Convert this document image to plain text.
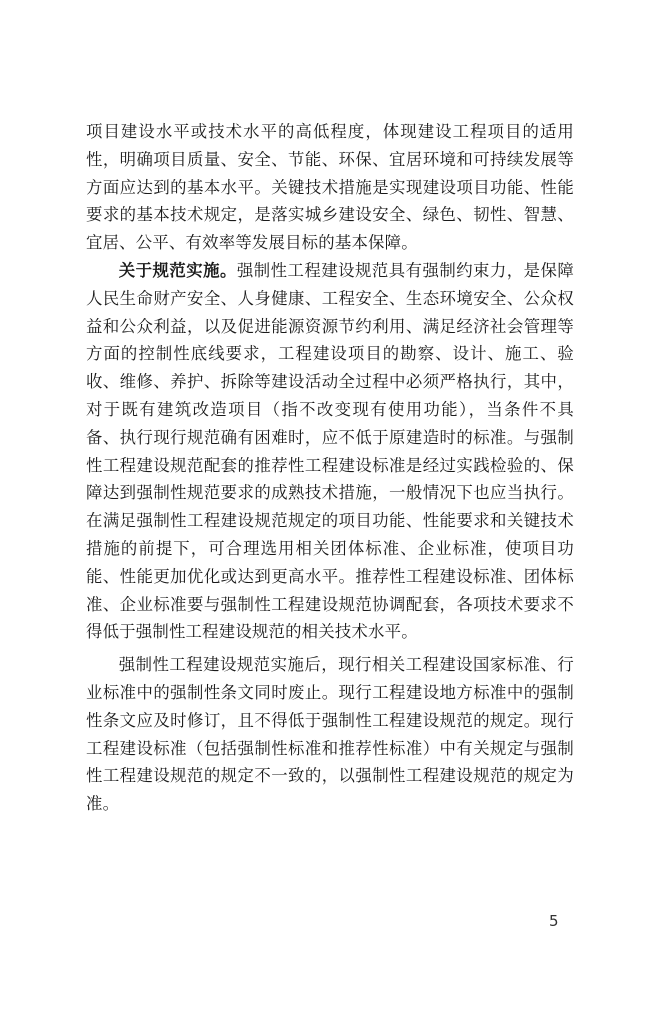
项目建设水平或技术水平的高低程度，体现建设工程项目的适用性，明确项目质量、安全、节能、环保、宜居环境和可持续发展等方面应达到的基本水平。关键技术措施是实现建设项目功能、性能要求的基本技术规定，是落实城乡建设安全、绿色、韧性、智慧、宜居、公平、有效率等发展目标的基本保障。

关于规范实施。强制性工程建设规范具有强制约束力，是保障人民生命财产安全、人身健康、工程安全、生态环境安全、公众权益和公众利益，以及促进能源资源节约利用、满足经济社会管理等方面的控制性底线要求，工程建设项目的勘察、设计、施工、验收、维修、养护、拆除等建设活动全过程中必须严格执行，其中，对于既有建筑改造项目（指不改变现有使用功能），当条件不具备、执行现行规范确有困难时，应不低于原建造时的标准。与强制性工程建设规范配套的推荐性工程建设标准是经过实践检验的、保障达到强制性规范要求的成熟技术措施，一般情况下也应当执行。在满足强制性工程建设规范规定的项目功能、性能要求和关键技术措施的前提下，可合理选用相关团体标准、企业标准，使项目功能、性能更加优化或达到更高水平。推荐性工程建设标准、团体标准、企业标准要与强制性工程建设规范协调配套，各项技术要求不得低于强制性工程建设规范的相关技术水平。

强制性工程建设规范实施后，现行相关工程建设国家标准、行业标准中的强制性条文同时废止。现行工程建设地方标准中的强制性条文应及时修订，且不得低于强制性工程建设规范的规定。现行工程建设标准（包括强制性标准和推荐性标准）中有关规定与强制性工程建设规范的规定不一致的，以强制性工程建设规范的规定为准。

5
